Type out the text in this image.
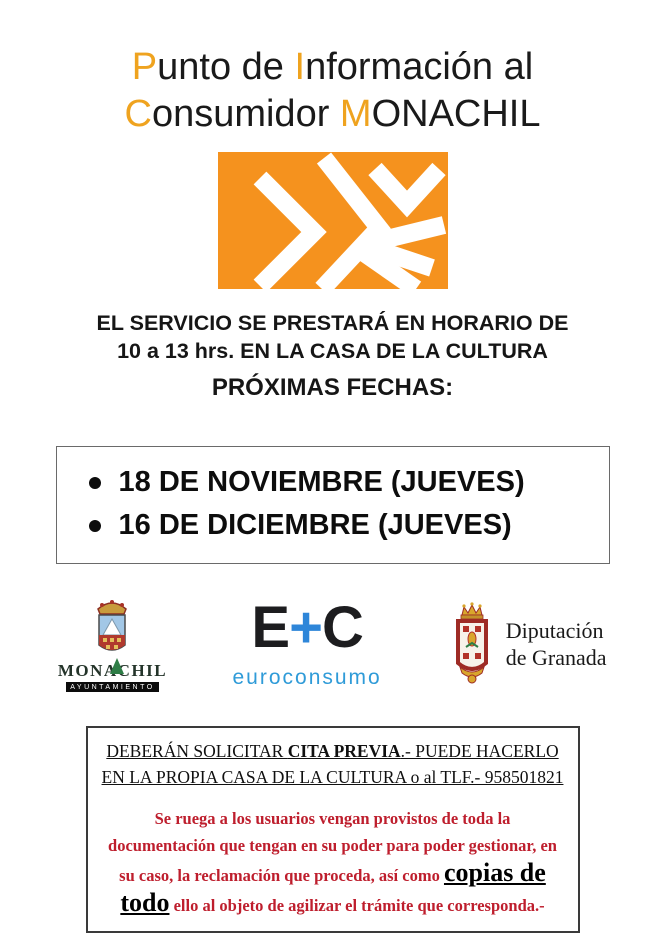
Punto de Información al
Consumidor MONACHIL
EL SERVICIO SE PRESTARÁ EN HORARIO DE
10 a 13 hrs. EN LA CASA DE LA CULTURA
PRÓXIMAS FECHAS:
18 DE NOVIEMBRE (JUEVES)
16 DE DICIEMBRE (JUEVES)
MONACHIL
AYUNTAMIENTO
E+C
euroconsumo
Diputación
de Granada
DEBERÁN SOLICITAR CITA PREVIA.- PUEDE HACERLO EN LA PROPIA CASA DE LA CULTURA o al TLF.- 958501821
Se ruega a los usuarios vengan provistos de toda la documentación que tengan en su poder para poder gestionar, en su caso, la reclamación que proceda, así como copias de todo ello al objeto de agilizar el trámite que corresponda.-
